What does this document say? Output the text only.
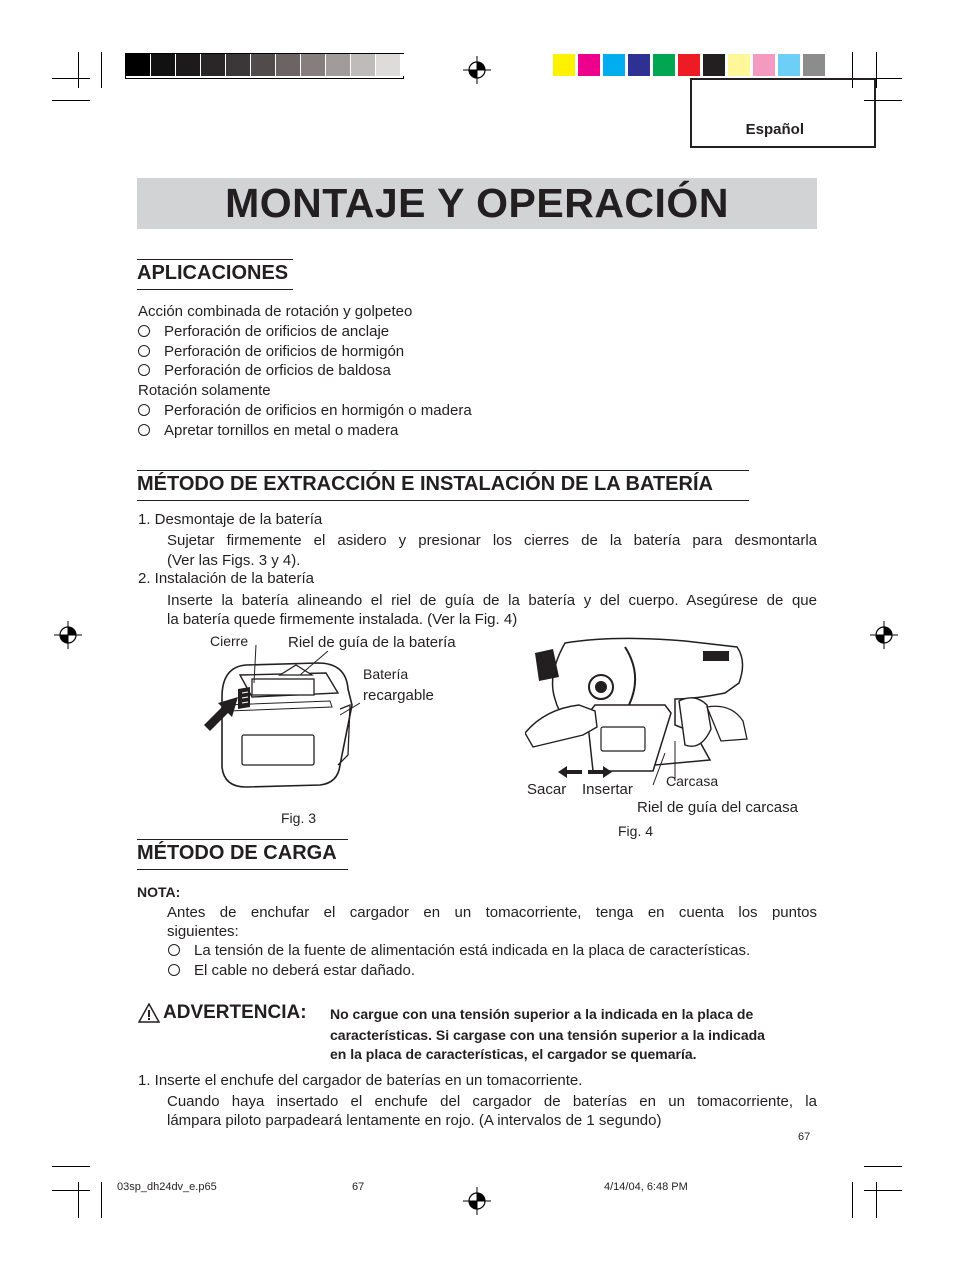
Español
MONTAJE Y OPERACIÓN
APLICACIONES
Acción combinada de rotación y golpeteo
Perforación de orificios de anclaje
Perforación de orificios de hormigón
Perforación de orficios de baldosa
Rotación solamente
Perforación de orificios en hormigón o madera
Apretar tornillos en metal o madera
MÉTODO DE EXTRACCIÓN E INSTALACIÓN DE LA BATERÍA
1. Desmontaje de la batería
Sujetar firmemente el asidero y presionar los cierres de la batería para desmontarla
(Ver las Figs. 3 y 4).
2. Instalación de la batería
Inserte la batería alineando el riel de guía de la batería y del cuerpo. Asegúrese de que
la batería quede firmemente instalada. (Ver la Fig. 4)
Cierre	Riel de guía de la batería
Batería
recargable
Fig. 3
Sacar Insertar Carcasa
Riel de guía del carcasa
Fig. 4
MÉTODO DE CARGA
NOTA:
Antes de enchufar el cargador en un tomacorriente, tenga en cuenta los puntos
siguientes:
La tensión de la fuente de alimentación está indicada en la placa de características.
El cable no deberá estar dañado.
ADVERTENCIA: No cargue con una tensión superior a la indicada en la placa de
características. Si cargase con una tensión superior a la indicada
en la placa de características, el cargador se quemaría.
1. Inserte el enchufe del cargador de baterías en un tomacorriente.
Cuando haya insertado el enchufe del cargador de baterías en un tomacorriente, la
lámpara piloto parpadeará lentamente en rojo. (A intervalos de 1 segundo)
67
03sp_dh24dv_e.p65	67	4/14/04, 6:48 PM
